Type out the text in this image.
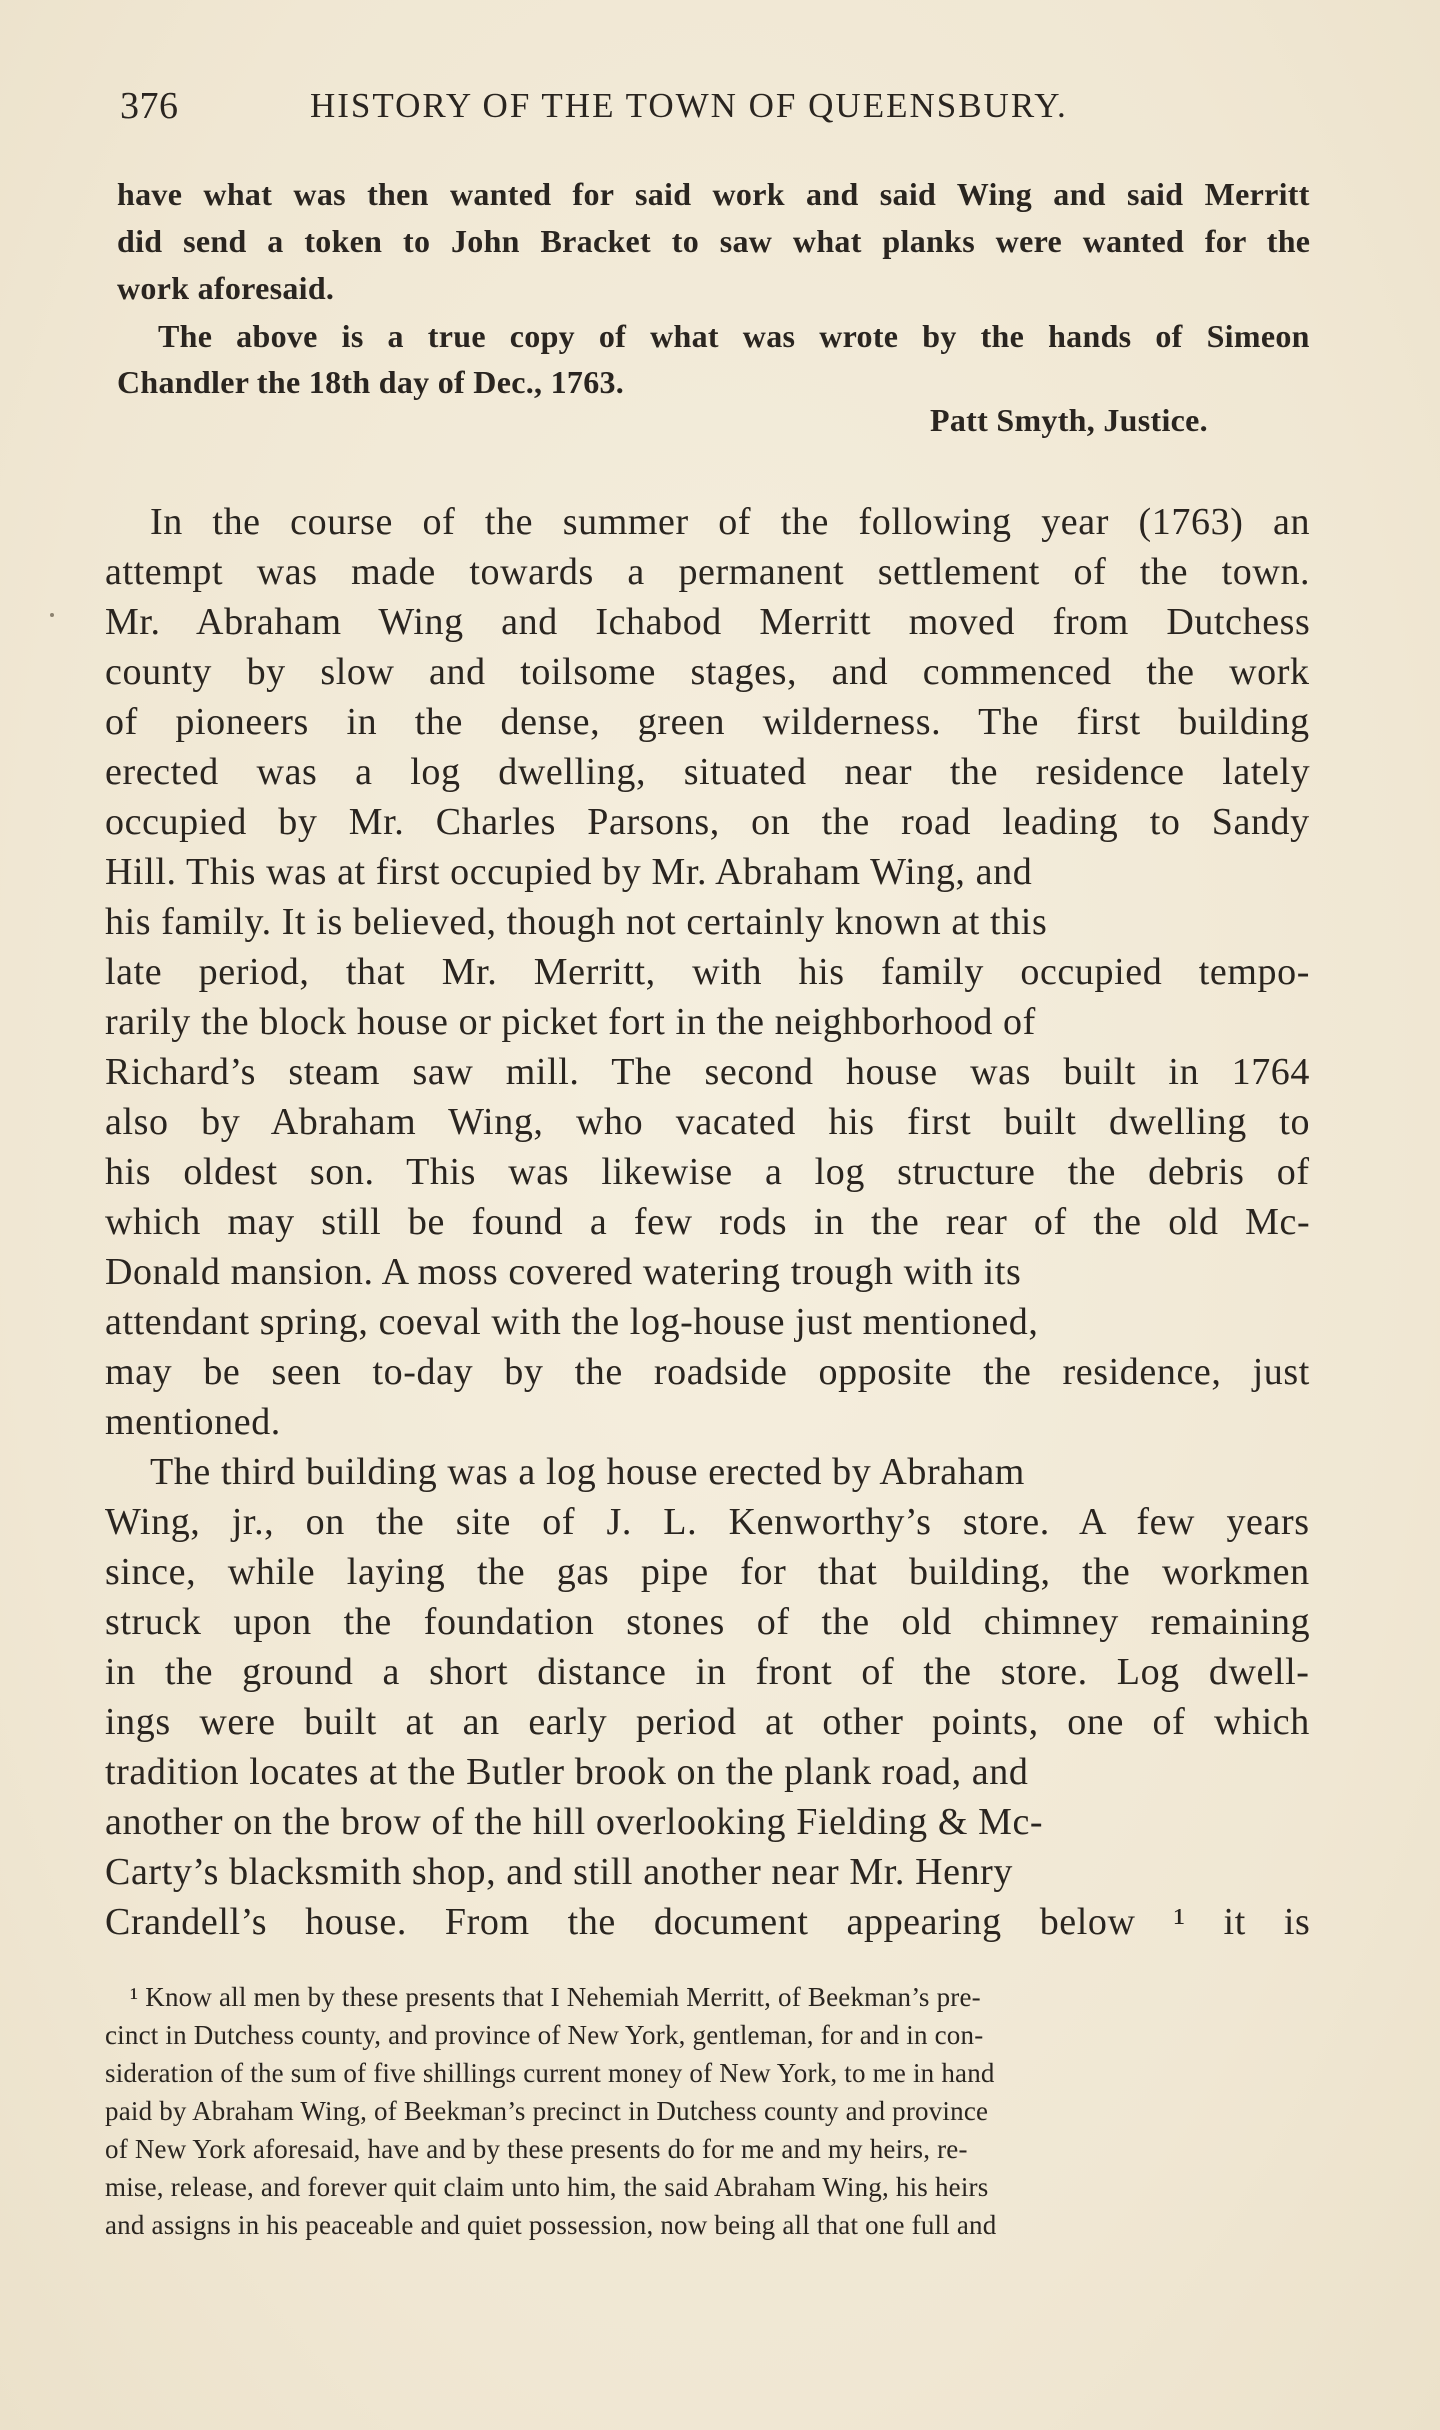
376	HISTORY OF THE TOWN OF QUEENSBURY.
have what was then wanted for said work and said Wing and said Merritt
did send a token to John Bracket to saw what planks were wanted for the
work aforesaid.
The above is a true copy of what was wrote by the hands of Simeon
Chandler the 18th day of Dec., 1763.
Patt Smyth, Justice.
In the course of the summer of the following year (1763) an
attempt was made towards a permanent settlement of the town.
Mr. Abraham Wing and Ichabod Merritt moved from Dutchess
county by slow and toilsome stages, and commenced the work
of pioneers in the dense, green wilderness. The first building
erected was a log dwelling, situated near the residence lately
occupied by Mr. Charles Parsons, on the road leading to Sandy
Hill. This was at first occupied by Mr. Abraham Wing, and
his family. It is believed, though not certainly known at this
late period, that Mr. Merritt, with his family occupied tempo-
rarily the block house or picket fort in the neighborhood of
Richard’s steam saw mill. The second house was built in 1764
also by Abraham Wing, who vacated his first built dwelling to
his oldest son. This was likewise a log structure the debris of
which may still be found a few rods in the rear of the old Mc-
Donald mansion. A moss covered watering trough with its
attendant spring, coeval with the log-house just mentioned,
may be seen to-day by the roadside opposite the residence, just
mentioned.
The third building was a log house erected by Abraham
Wing, jr., on the site of J. L. Kenworthy’s store. A few years
since, while laying the gas pipe for that building, the workmen
struck upon the foundation stones of the old chimney remaining
in the ground a short distance in front of the store. Log dwell-
ings were built at an early period at other points, one of which
tradition locates at the Butler brook on the plank road, and
another on the brow of the hill overlooking Fielding & Mc-
Carty’s blacksmith shop, and still another near Mr. Henry
Crandell’s house. From the document appearing below ¹ it is
¹ Know all men by these presents that I Nehemiah Merritt, of Beekman’s pre-
cinct in Dutchess county, and province of New York, gentleman, for and in con-
sideration of the sum of five shillings current money of New York, to me in hand
paid by Abraham Wing, of Beekman’s precinct in Dutchess county and province
of New York aforesaid, have and by these presents do for me and my heirs, re-
mise, release, and forever quit claim unto him, the said Abraham Wing, his heirs
and assigns in his peaceable and quiet possession, now being all that one full and
